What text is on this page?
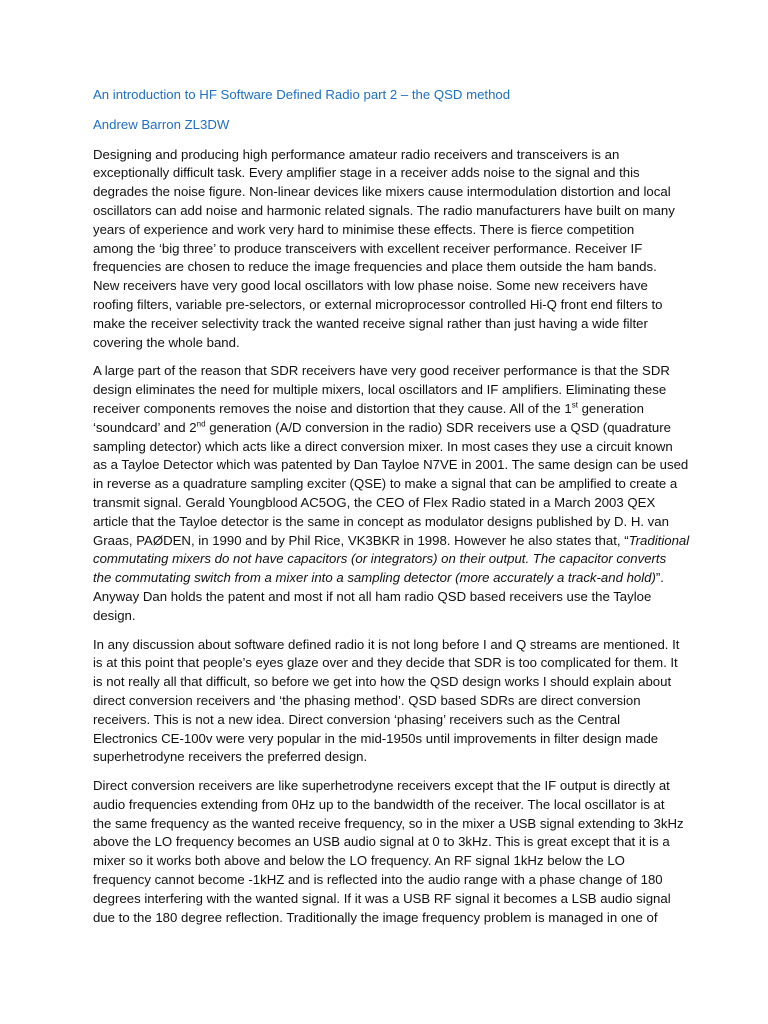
An introduction to HF Software Defined Radio part 2 – the QSD method
Andrew Barron ZL3DW
Designing and producing high performance amateur radio receivers and transceivers is an
exceptionally difficult task. Every amplifier stage in a receiver adds noise to the signal and this
degrades the noise figure. Non-linear devices like mixers cause intermodulation distortion and local
oscillators can add noise and harmonic related signals. The radio manufacturers have built on many
years of experience and work very hard to minimise these effects. There is fierce competition
among the ‘big three’ to produce transceivers with excellent receiver performance. Receiver IF
frequencies are chosen to reduce the image frequencies and place them outside the ham bands.
New receivers have very good local oscillators with low phase noise. Some new receivers have
roofing filters, variable pre-selectors, or external microprocessor controlled Hi-Q front end filters to
make the receiver selectivity track the wanted receive signal rather than just having a wide filter
covering the whole band.
A large part of the reason that SDR receivers have very good receiver performance is that the SDR
design eliminates the need for multiple mixers, local oscillators and IF amplifiers. Eliminating these
receiver components removes the noise and distortion that they cause. All of the 1st generation
‘soundcard’ and 2nd generation (A/D conversion in the radio) SDR receivers use a QSD (quadrature
sampling detector) which acts like a direct conversion mixer. In most cases they use a circuit known
as a Tayloe Detector which was patented by Dan Tayloe N7VE in 2001. The same design can be used
in reverse as a quadrature sampling exciter (QSE) to make a signal that can be amplified to create a
transmit signal. Gerald Youngblood AC5OG, the CEO of Flex Radio stated in a March 2003 QEX
article that the Tayloe detector is the same in concept as modulator designs published by D. H. van
Graas, PAØDEN, in 1990 and by Phil Rice, VK3BKR in 1998. However he also states that, “Traditional
commutating mixers do not have capacitors (or integrators) on their output. The capacitor converts
the commutating switch from a mixer into a sampling detector (more accurately a track-and hold)”.
Anyway Dan holds the patent and most if not all ham radio QSD based receivers use the Tayloe
design.
In any discussion about software defined radio it is not long before I and Q streams are mentioned. It
is at this point that people’s eyes glaze over and they decide that SDR is too complicated for them. It
is not really all that difficult, so before we get into how the QSD design works I should explain about
direct conversion receivers and ‘the phasing method’. QSD based SDRs are direct conversion
receivers. This is not a new idea. Direct conversion ‘phasing’ receivers such as the Central
Electronics CE-100v were very popular in the mid-1950s until improvements in filter design made
superhetrodyne receivers the preferred design.
Direct conversion receivers are like superhetrodyne receivers except that the IF output is directly at
audio frequencies extending from 0Hz up to the bandwidth of the receiver. The local oscillator is at
the same frequency as the wanted receive frequency, so in the mixer a USB signal extending to 3kHz
above the LO frequency becomes an USB audio signal at 0 to 3kHz. This is great except that it is a
mixer so it works both above and below the LO frequency. An RF signal 1kHz below the LO
frequency cannot become -1kHZ and is reflected into the audio range with a phase change of 180
degrees interfering with the wanted signal. If it was a USB RF signal it becomes a LSB audio signal
due to the 180 degree reflection. Traditionally the image frequency problem is managed in one of
